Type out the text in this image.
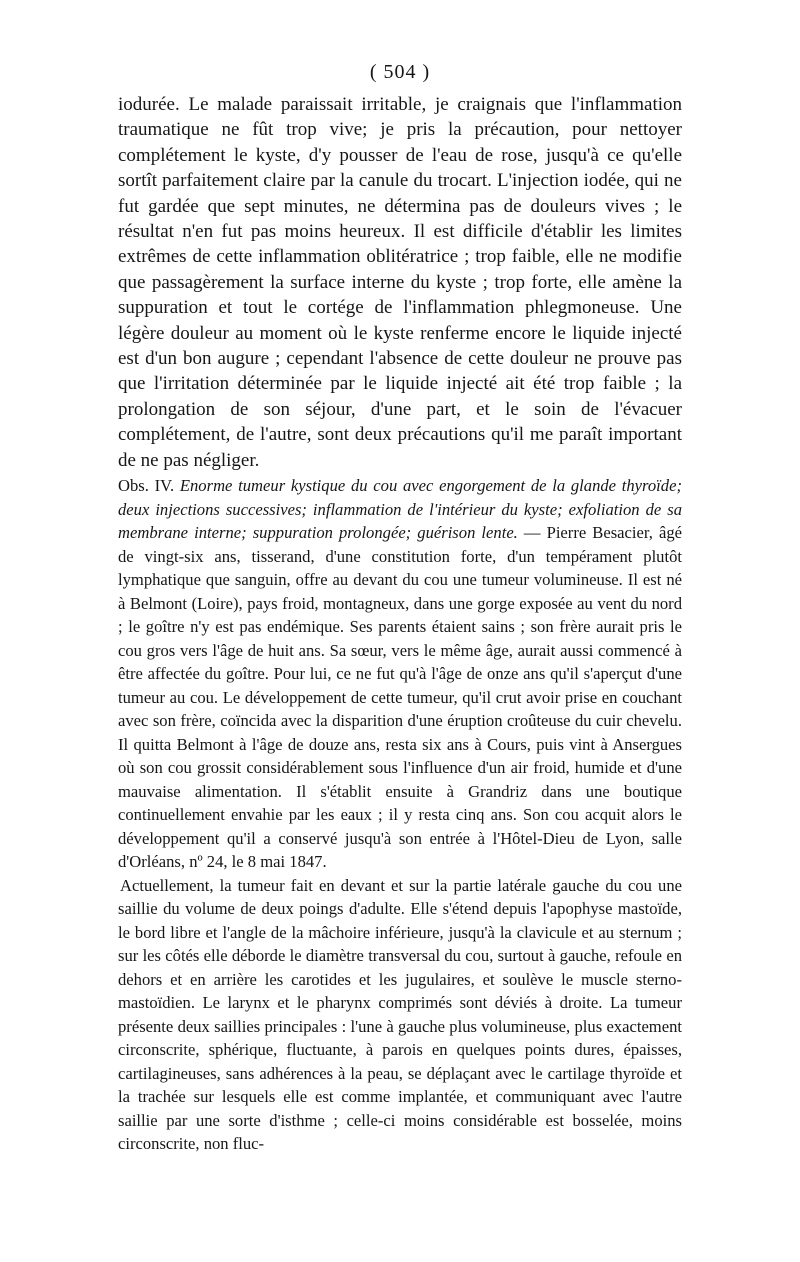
( 504 )

iodurée. Le malade paraissait irritable, je craignais que l'inflammation traumatique ne fût trop vive; je pris la précaution, pour nettoyer complétement le kyste, d'y pousser de l'eau de rose, jusqu'à ce qu'elle sortît parfaitement claire par la canule du trocart. L'injection iodée, qui ne fut gardée que sept minutes, ne détermina pas de douleurs vives ; le résultat n'en fut pas moins heureux. Il est difficile d'établir les limites extrêmes de cette inflammation oblitératrice ; trop faible, elle ne modifie que passagèrement la surface interne du kyste ; trop forte, elle amène la suppuration et tout le cortége de l'inflammation phlegmoneuse. Une légère douleur au moment où le kyste renferme encore le liquide injecté est d'un bon augure ; cependant l'absence de cette douleur ne prouve pas que l'irritation déterminée par le liquide injecté ait été trop faible ; la prolongation de son séjour, d'une part, et le soin de l'évacuer complétement, de l'autre, sont deux précautions qu'il me paraît important de ne pas négliger.

Obs. IV. Enorme tumeur kystique du cou avec engorgement de la glande thyroïde; deux injections successives; inflammation de l'intérieur du kyste; exfoliation de sa membrane interne; suppuration prolongée; guérison lente. — Pierre Besacier, âgé de vingt-six ans, tisserand, d'une constitution forte, d'un tempérament plutôt lymphatique que sanguin, offre au devant du cou une tumeur volumineuse. Il est né à Belmont (Loire), pays froid, montagneux, dans une gorge exposée au vent du nord ; le goître n'y est pas endémique. Ses parents étaient sains ; son frère aurait pris le cou gros vers l'âge de huit ans. Sa sœur, vers le même âge, aurait aussi commencé à être affectée du goître. Pour lui, ce ne fut qu'à l'âge de onze ans qu'il s'aperçut d'une tumeur au cou. Le développement de cette tumeur, qu'il crut avoir prise en couchant avec son frère, coïncida avec la disparition d'une éruption croûteuse du cuir chevelu. Il quitta Belmont à l'âge de douze ans, resta six ans à Cours, puis vint à Ansergues où son cou grossit considérablement sous l'influence d'un air froid, humide et d'une mauvaise alimentation. Il s'établit ensuite à Grandriz dans une boutique continuellement envahie par les eaux ; il y resta cinq ans. Son cou acquit alors le développement qu'il a conservé jusqu'à son entrée à l'Hôtel-Dieu de Lyon, salle d'Orléans, nº 24, le 8 mai 1847.

Actuellement, la tumeur fait en devant et sur la partie latérale gauche du cou une saillie du volume de deux poings d'adulte. Elle s'étend depuis l'apophyse mastoïde, le bord libre et l'angle de la mâchoire inférieure, jusqu'à la clavicule et au sternum ; sur les côtés elle déborde le diamètre transversal du cou, surtout à gauche, refoule en dehors et en arrière les carotides et les jugulaires, et soulève le muscle sterno-mastoïdien. Le larynx et le pharynx comprimés sont déviés à droite. La tumeur présente deux saillies principales : l'une à gauche plus volumineuse, plus exactement circonscrite, sphérique, fluctuante, à parois en quelques points dures, épaisses, cartilagineuses, sans adhérences à la peau, se déplaçant avec le cartilage thyroïde et la trachée sur lesquels elle est comme implantée, et communiquant avec l'autre saillie par une sorte d'isthme ; celle-ci moins considérable est bosselée, moins circonscrite, non fluc-
